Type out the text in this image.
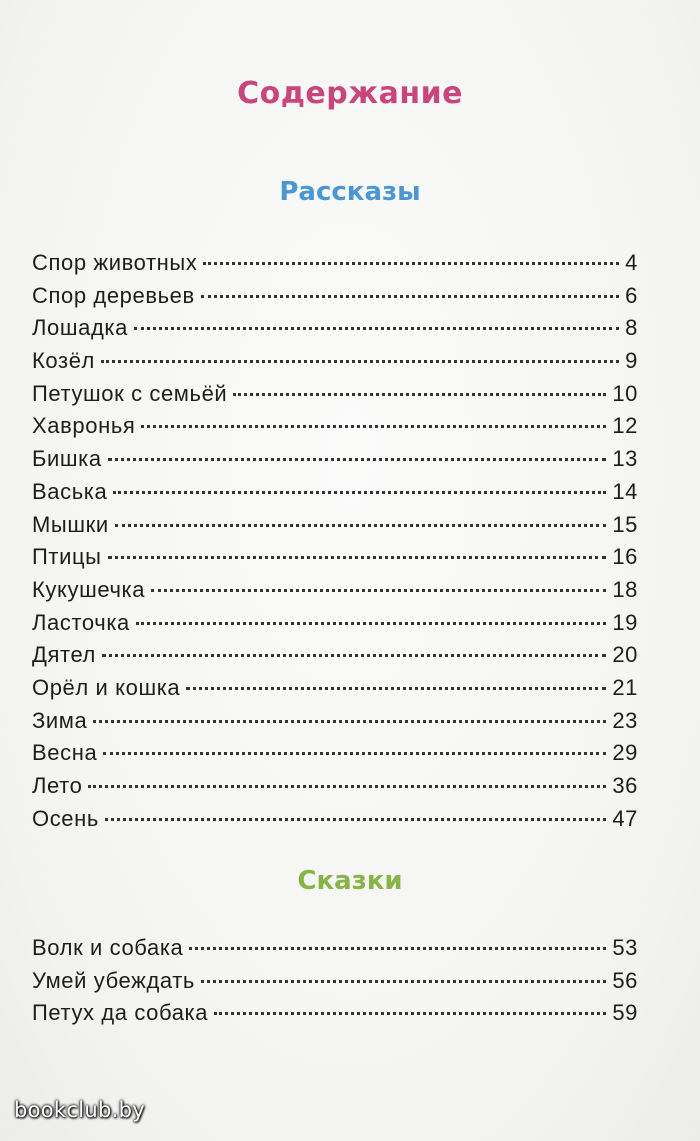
Содержание
Рассказы
Спор животных	4
Спор деревьев	6
Лошадка	8
Козёл	9
Петушок с семьёй	10
Хавронья	12
Бишка	13
Васька	14
Мышки	15
Птицы	16
Кукушечка	18
Ласточка	19
Дятел	20
Орёл и кошка	21
Зима	23
Весна	29
Лето	36
Осень	47
Сказки
Волк и собака	53
Умей убеждать	56
Петух да собака	59
bookclub.by
